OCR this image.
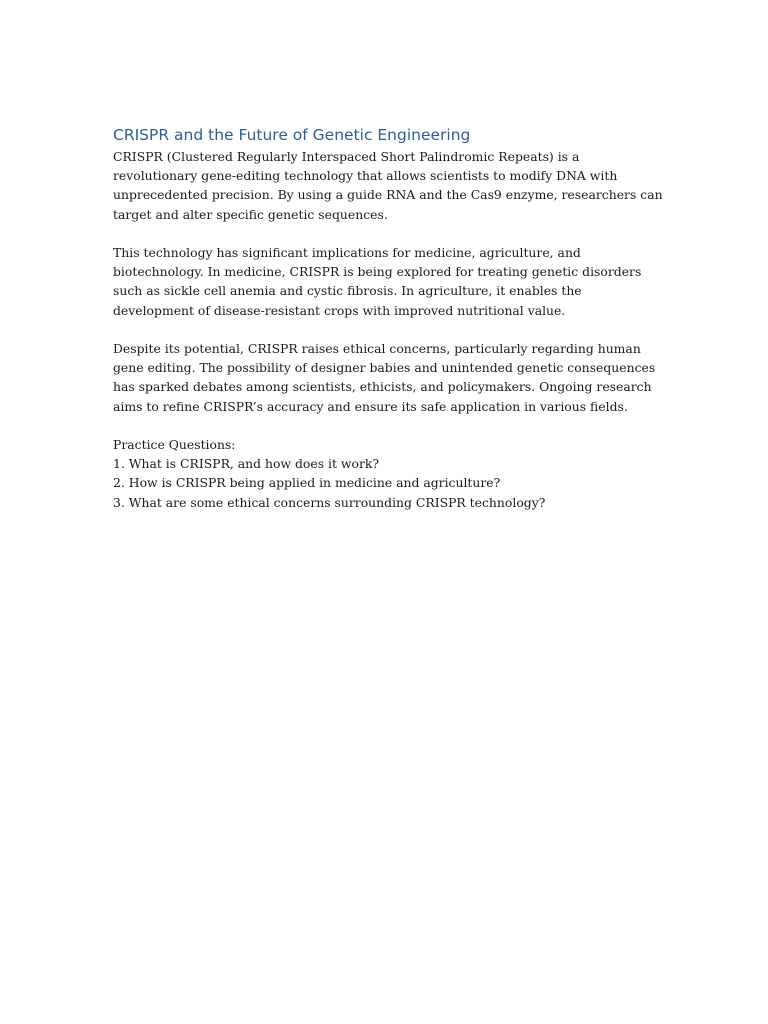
CRISPR and the Future of Genetic Engineering

CRISPR (Clustered Regularly Interspaced Short Palindromic Repeats) is a revolutionary gene-editing technology that allows scientists to modify DNA with unprecedented precision. By using a guide RNA and the Cas9 enzyme, researchers can target and alter specific genetic sequences.

This technology has significant implications for medicine, agriculture, and biotechnology. In medicine, CRISPR is being explored for treating genetic disorders such as sickle cell anemia and cystic fibrosis. In agriculture, it enables the development of disease-resistant crops with improved nutritional value.

Despite its potential, CRISPR raises ethical concerns, particularly regarding human gene editing. The possibility of designer babies and unintended genetic consequences has sparked debates among scientists, ethicists, and policymakers. Ongoing research aims to refine CRISPR’s accuracy and ensure its safe application in various fields.

Practice Questions:
1. What is CRISPR, and how does it work?
2. How is CRISPR being applied in medicine and agriculture?
3. What are some ethical concerns surrounding CRISPR technology?
